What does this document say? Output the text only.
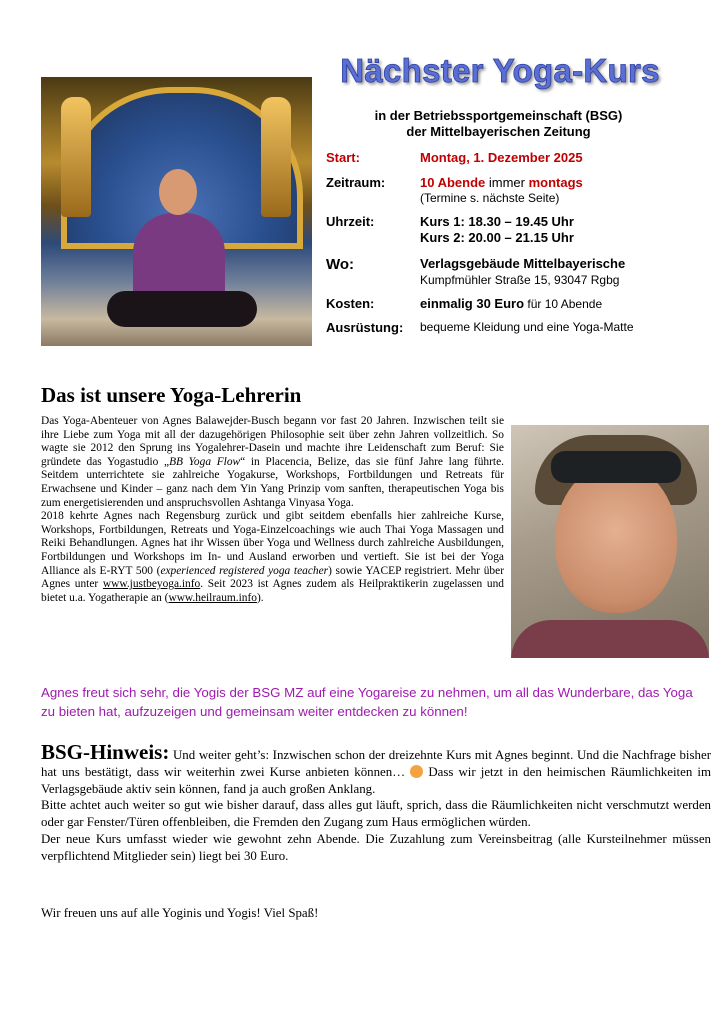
Nächster Yoga-Kurs
in der Betriebssportgemeinschaft (BSG)
der Mittelbayerischen Zeitung
Start:	Montag, 1. Dezember 2025
Zeitraum:	10 Abende immer montags
(Termine s. nächste Seite)
Uhrzeit:	Kurs 1: 18.30 – 19.45 Uhr
Kurs 2: 20.00 – 21.15 Uhr
Wo:	Verlagsgebäude Mittelbayerische
Kumpfmühler Straße 15, 93047 Rgbg
Kosten:	einmalig 30 Euro für 10 Abende
Ausrüstung: bequeme Kleidung und eine Yoga-Matte
Das ist unsere Yoga-Lehrerin

Das Yoga-Abenteuer von Agnes Balawejder-Busch begann vor fast 20 Jahren. Inzwischen teilt sie ihre Liebe zum Yoga mit all der dazugehörigen Philosophie seit über zehn Jahren vollzeitlich. So wagte sie 2012 den Sprung ins Yogalehrer-Dasein und machte ihre Leidenschaft zum Beruf: Sie gründete das Yogastudio „BB Yoga Flow“ in Placencia, Belize, das sie fünf Jahre lang führte. Seitdem unterrichtete sie zahlreiche Yogakurse, Workshops, Fortbildungen und Retreats für Erwachsene und Kinder – ganz nach dem Yin Yang Prinzip vom sanften, therapeutischen Yoga bis zum energetisierenden und anspruchsvollen Ashtanga Vinyasa Yoga.

2018 kehrte Agnes nach Regensburg zurück und gibt seitdem ebenfalls hier zahlreiche Kurse, Workshops, Fortbildungen, Retreats und Yoga-Einzelcoachings wie auch Thai Yoga Massagen und Reiki Behandlungen. Agnes hat ihr Wissen über Yoga und Wellness durch zahlreiche Ausbildungen, Fortbildungen und Workshops im In- und Ausland erworben und vertieft. Sie ist bei der Yoga Alliance als E-RYT 500 (experienced registered yoga teacher) sowie YACEP registriert. Mehr über Agnes unter www.justbeyoga.info. Seit 2023 ist Agnes zudem als Heilpraktikerin zugelassen und bietet u.a. Yogatherapie an (www.heilraum.info).

Agnes freut sich sehr, die Yogis der BSG MZ auf eine Yogareise zu nehmen, um all das Wunderbare, das Yoga zu bieten hat, aufzuzeigen und gemeinsam weiter entdecken zu können!

BSG-Hinweis: Und weiter geht’s: Inzwischen schon der dreizehnte Kurs mit Agnes beginnt. Und die Nachfrage bisher hat uns bestätigt, dass wir weiterhin zwei Kurse anbieten können…  Dass wir jetzt in den heimischen Räumlichkeiten im Verlagsgebäude aktiv sein können, fand ja auch großen Anklang.

Bitte achtet auch weiter so gut wie bisher darauf, dass alles gut läuft, sprich, dass die Räumlichkeiten nicht verschmutzt werden oder gar Fenster/Türen offenbleiben, die Fremden den Zugang zum Haus ermöglichen würden.

Der neue Kurs umfasst wieder wie gewohnt zehn Abende. Die Zuzahlung zum Vereinsbeitrag (alle Kursteilnehmer müssen verpflichtend Mitglieder sein) liegt bei 30 Euro.

Wir freuen uns auf alle Yoginis und Yogis! Viel Spaß!
